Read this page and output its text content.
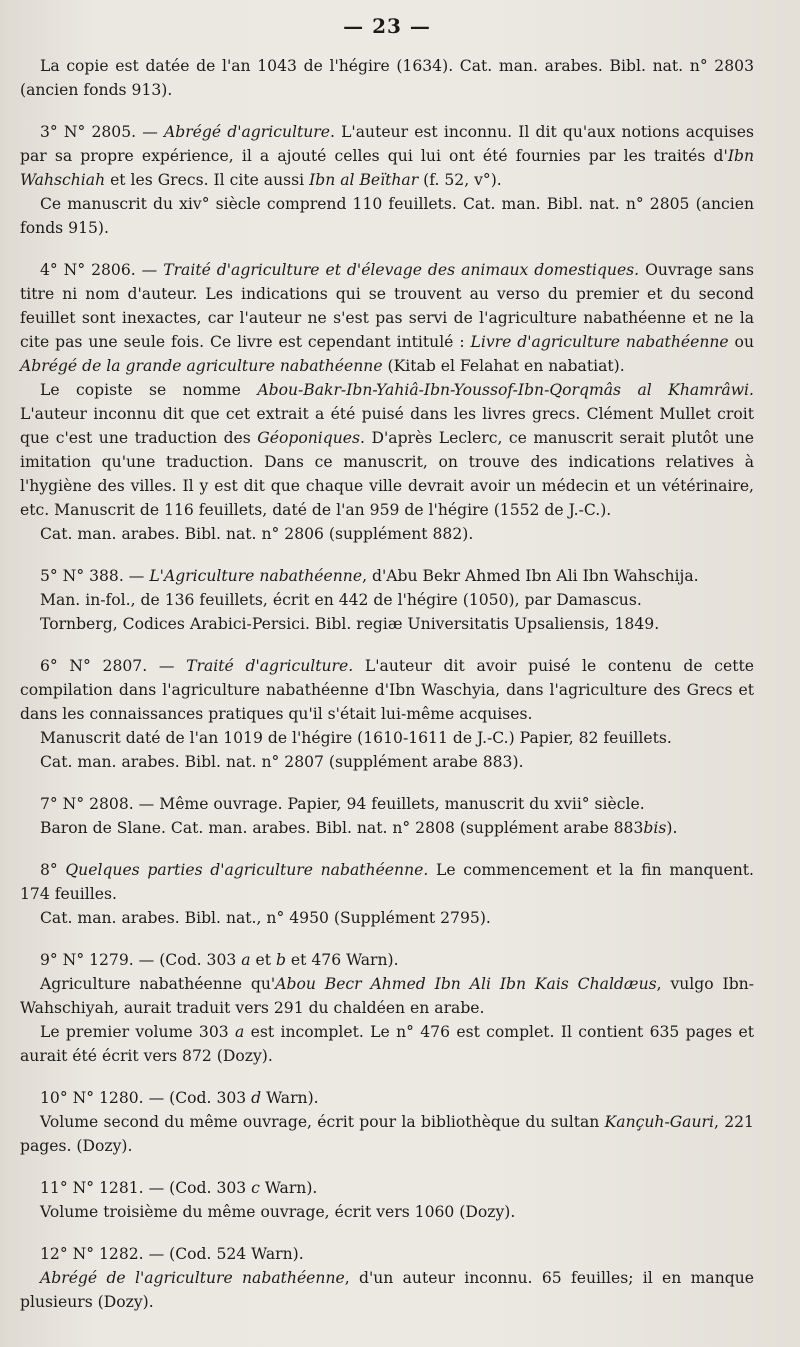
— 23 —

La copie est datée de l'an 1043 de l'hégire (1634). Cat. man. arabes. Bibl. nat. n° 2803 (ancien fonds 913).

3° N° 2805. — Abrégé d'agriculture. L'auteur est inconnu. Il dit qu'aux notions acquises par sa propre expérience, il a ajouté celles qui lui ont été fournies par les traités d'Ibn Wahschiah et les Grecs. Il cite aussi Ibn al Beïthar (f. 52, v°).

Ce manuscrit du xiv° siècle comprend 110 feuillets. Cat. man. Bibl. nat. n° 2805 (ancien fonds 915).

4° N° 2806. — Traité d'agriculture et d'élevage des animaux domestiques. Ouvrage sans titre ni nom d'auteur. Les indications qui se trouvent au verso du premier et du second feuillet sont inexactes, car l'auteur ne s'est pas servi de l'agriculture nabathéenne et ne la cite pas une seule fois. Ce livre est cependant intitulé : Livre d'agriculture nabathéenne ou Abrégé de la grande agriculture nabathéenne (Kitab el Felahat en nabatiat).

Le copiste se nomme Abou-Bakr-Ibn-Yahiâ-Ibn-Youssof-Ibn-Qorqmâs al Khamrâwi. L'auteur inconnu dit que cet extrait a été puisé dans les livres grecs. Clément Mullet croit que c'est une traduction des Géoponiques. D'après Leclerc, ce manuscrit serait plutôt une imitation qu'une traduction. Dans ce manuscrit, on trouve des indications relatives à l'hygiène des villes. Il y est dit que chaque ville devrait avoir un médecin et un vétérinaire, etc. Manuscrit de 116 feuillets, daté de l'an 959 de l'hégire (1552 de J.-C.).

Cat. man. arabes. Bibl. nat. n° 2806 (supplément 882).

5° N° 388. — L'Agriculture nabathéenne, d'Abu Bekr Ahmed Ibn Ali Ibn Wahschija.

Man. in-fol., de 136 feuillets, écrit en 442 de l'hégire (1050), par Damascus.

Tornberg, Codices Arabici-Persici. Bibl. regiæ Universitatis Upsaliensis, 1849.

6° N° 2807. — Traité d'agriculture. L'auteur dit avoir puisé le contenu de cette compilation dans l'agriculture nabathéenne d'Ibn Waschyia, dans l'agriculture des Grecs et dans les connaissances pratiques qu'il s'était lui-même acquises.

Manuscrit daté de l'an 1019 de l'hégire (1610-1611 de J.-C.) Papier, 82 feuillets.

Cat. man. arabes. Bibl. nat. n° 2807 (supplément arabe 883).

7° N° 2808. — Même ouvrage. Papier, 94 feuillets, manuscrit du xvii° siècle.

Baron de Slane. Cat. man. arabes. Bibl. nat. n° 2808 (supplément arabe 883bis).

8° Quelques parties d'agriculture nabathéenne. Le commencement et la fin manquent. 174 feuilles.

Cat. man. arabes. Bibl. nat., n° 4950 (Supplément 2795).

9° N° 1279. — (Cod. 303 a et b et 476 Warn).

Agriculture nabathéenne qu'Abou Becr Ahmed Ibn Ali Ibn Kais Chaldæus, vulgo Ibn-Wahschiyah, aurait traduit vers 291 du chaldéen en arabe.

Le premier volume 303 a est incomplet. Le n° 476 est complet. Il contient 635 pages et aurait été écrit vers 872 (Dozy).

10° N° 1280. — (Cod. 303 d Warn).

Volume second du même ouvrage, écrit pour la bibliothèque du sultan Kançuh-Gauri, 221 pages. (Dozy).

11° N° 1281. — (Cod. 303 c Warn).

Volume troisième du même ouvrage, écrit vers 1060 (Dozy).

12° N° 1282. — (Cod. 524 Warn).

Abrégé de l'agriculture nabathéenne, d'un auteur inconnu. 65 feuilles; il en manque plusieurs (Dozy).
